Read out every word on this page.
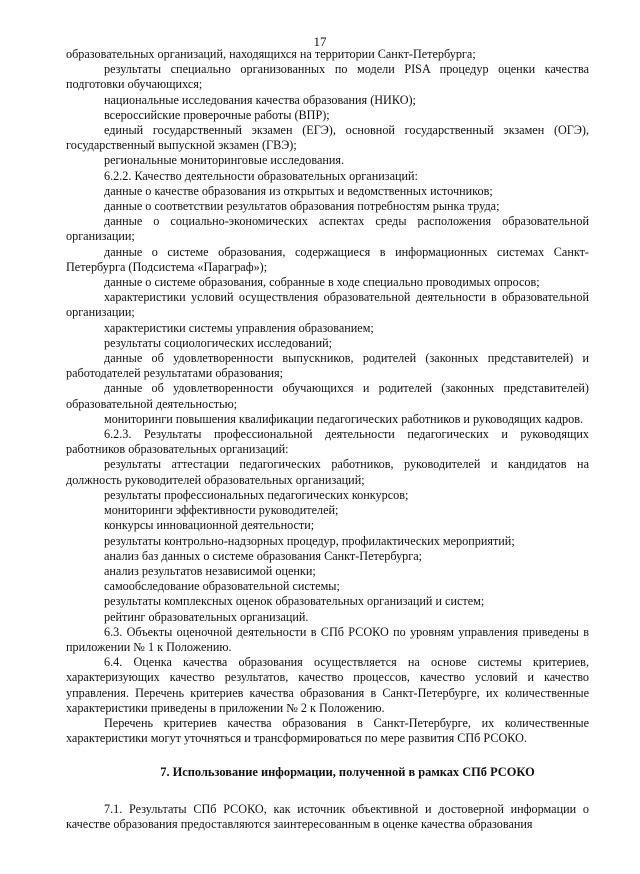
17

образовательных организаций, находящихся на территории Санкт-Петербурга;

результаты специально организованных по модели PISA процедур оценки качества подготовки обучающихся;

национальные исследования качества образования (НИКО);

всероссийские проверочные работы (ВПР);

единый государственный экзамен (ЕГЭ), основной государственный экзамен (ОГЭ), государственный выпускной экзамен (ГВЭ);

региональные мониторинговые исследования.

6.2.2. Качество деятельности образовательных организаций:

данные о качестве образования из открытых и ведомственных источников;

данные о соответствии результатов образования потребностям рынка труда;

данные о социально-экономических аспектах среды расположения образовательной организации;

данные о системе образования, содержащиеся в информационных системах Санкт-Петербурга (Подсистема «Параграф»);

данные о системе образования, собранные в ходе специально проводимых опросов;

характеристики условий осуществления образовательной деятельности в образовательной организации;

характеристики системы управления образованием;

результаты социологических исследований;

данные об удовлетворенности выпускников, родителей (законных представителей) и работодателей результатами образования;

данные об удовлетворенности обучающихся и родителей (законных представителей) образовательной деятельностью;

мониторинги повышения квалификации педагогических работников и руководящих кадров.

6.2.3. Результаты профессиональной деятельности педагогических и руководящих работников образовательных организаций:

результаты аттестации педагогических работников, руководителей и кандидатов на должность руководителей образовательных организаций;

результаты профессиональных педагогических конкурсов;

мониторинги эффективности руководителей;

конкурсы инновационной деятельности;

результаты контрольно-надзорных процедур, профилактических мероприятий;

анализ баз данных о системе образования Санкт-Петербурга;

анализ результатов независимой оценки;

самообследование образовательной системы;

результаты комплексных оценок образовательных организаций и систем;

рейтинг образовательных организаций.

6.3. Объекты оценочной деятельности в СПб РСОКО по уровням управления приведены в приложении № 1 к Положению.

6.4. Оценка качества образования осуществляется на основе системы критериев, характеризующих качество результатов, качество процессов, качество условий и качество управления. Перечень критериев качества образования в Санкт-Петербурге, их количественные характеристики приведены в приложении № 2 к Положению.

Перечень критериев качества образования в Санкт-Петербурге, их количественные характеристики могут уточняться и трансформироваться по мере развития СПб РСОКО.

7. Использование информации, полученной в рамках СПб РСОКО

7.1. Результаты СПб РСОКО, как источник объективной и достоверной информации о качестве образования предоставляются заинтересованным в оценке качества образования
